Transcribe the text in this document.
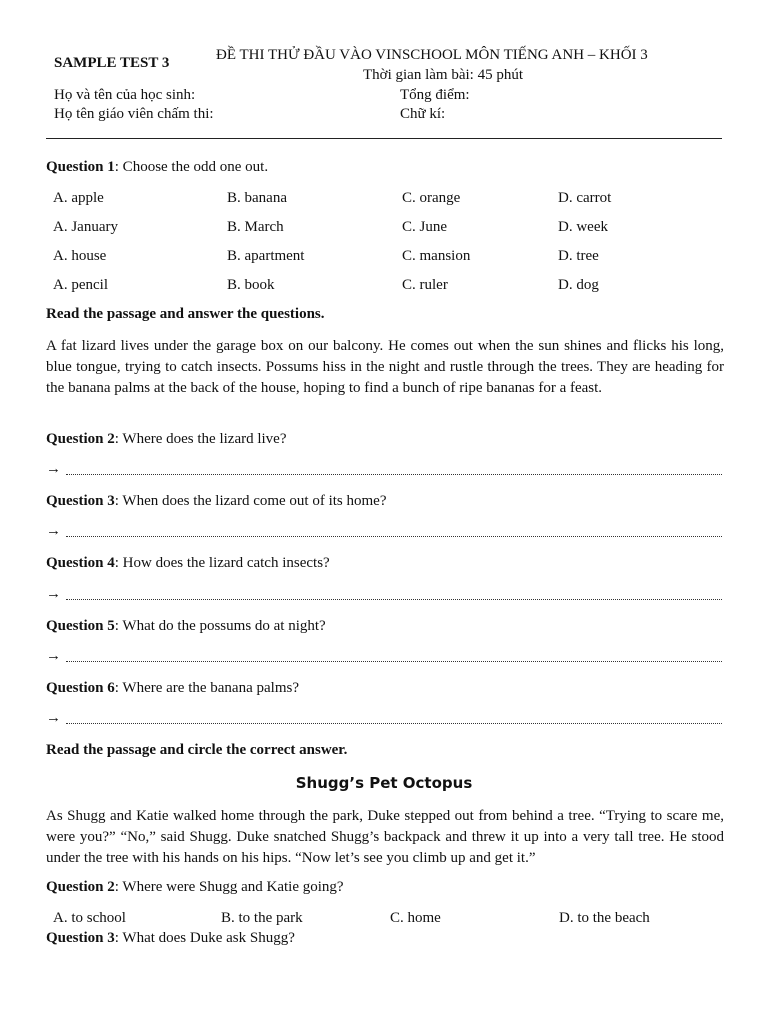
SAMPLE TEST 3	ĐỀ THI THỬ ĐẦU VÀO VINSCHOOL MÔN TIẾNG ANH – KHỐI 3
Thời gian làm bài: 45 phút
Họ và tên của học sinh:	Tổng điểm:
Họ tên giáo viên chấm thi:	Chữ kí:
Question 1: Choose the odd one out.
A. apple	B. banana	C. orange	D. carrot
A. January	B. March	C. June	D. week
A. house	B. apartment	C. mansion	D. tree
A. pencil	B. book	C. ruler	D. dog
Read the passage and answer the questions.
A fat lizard lives under the garage box on our balcony. He comes out when the sun shines and flicks his long, blue tongue, trying to catch insects. Possums hiss in the night and rustle through the trees. They are heading for the banana palms at the back of the house, hoping to find a bunch of ripe bananas for a feast.
Question 2: Where does the lizard live?
→
Question 3: When does the lizard come out of its home?
→
Question 4: How does the lizard catch insects?
→
Question 5: What do the possums do at night?
→
Question 6: Where are the banana palms?
→
Read the passage and circle the correct answer.
Shugg’s Pet Octopus
As Shugg and Katie walked home through the park, Duke stepped out from behind a tree. “Trying to scare me, were you?” “No,” said Shugg. Duke snatched Shugg’s backpack and threw it up into a very tall tree. He stood under the tree with his hands on his hips. “Now let’s see you climb up and get it.”
Question 2: Where were Shugg and Katie going?
A. to school	B. to the park	C. home	D. to the beach
Question 3: What does Duke ask Shugg?
